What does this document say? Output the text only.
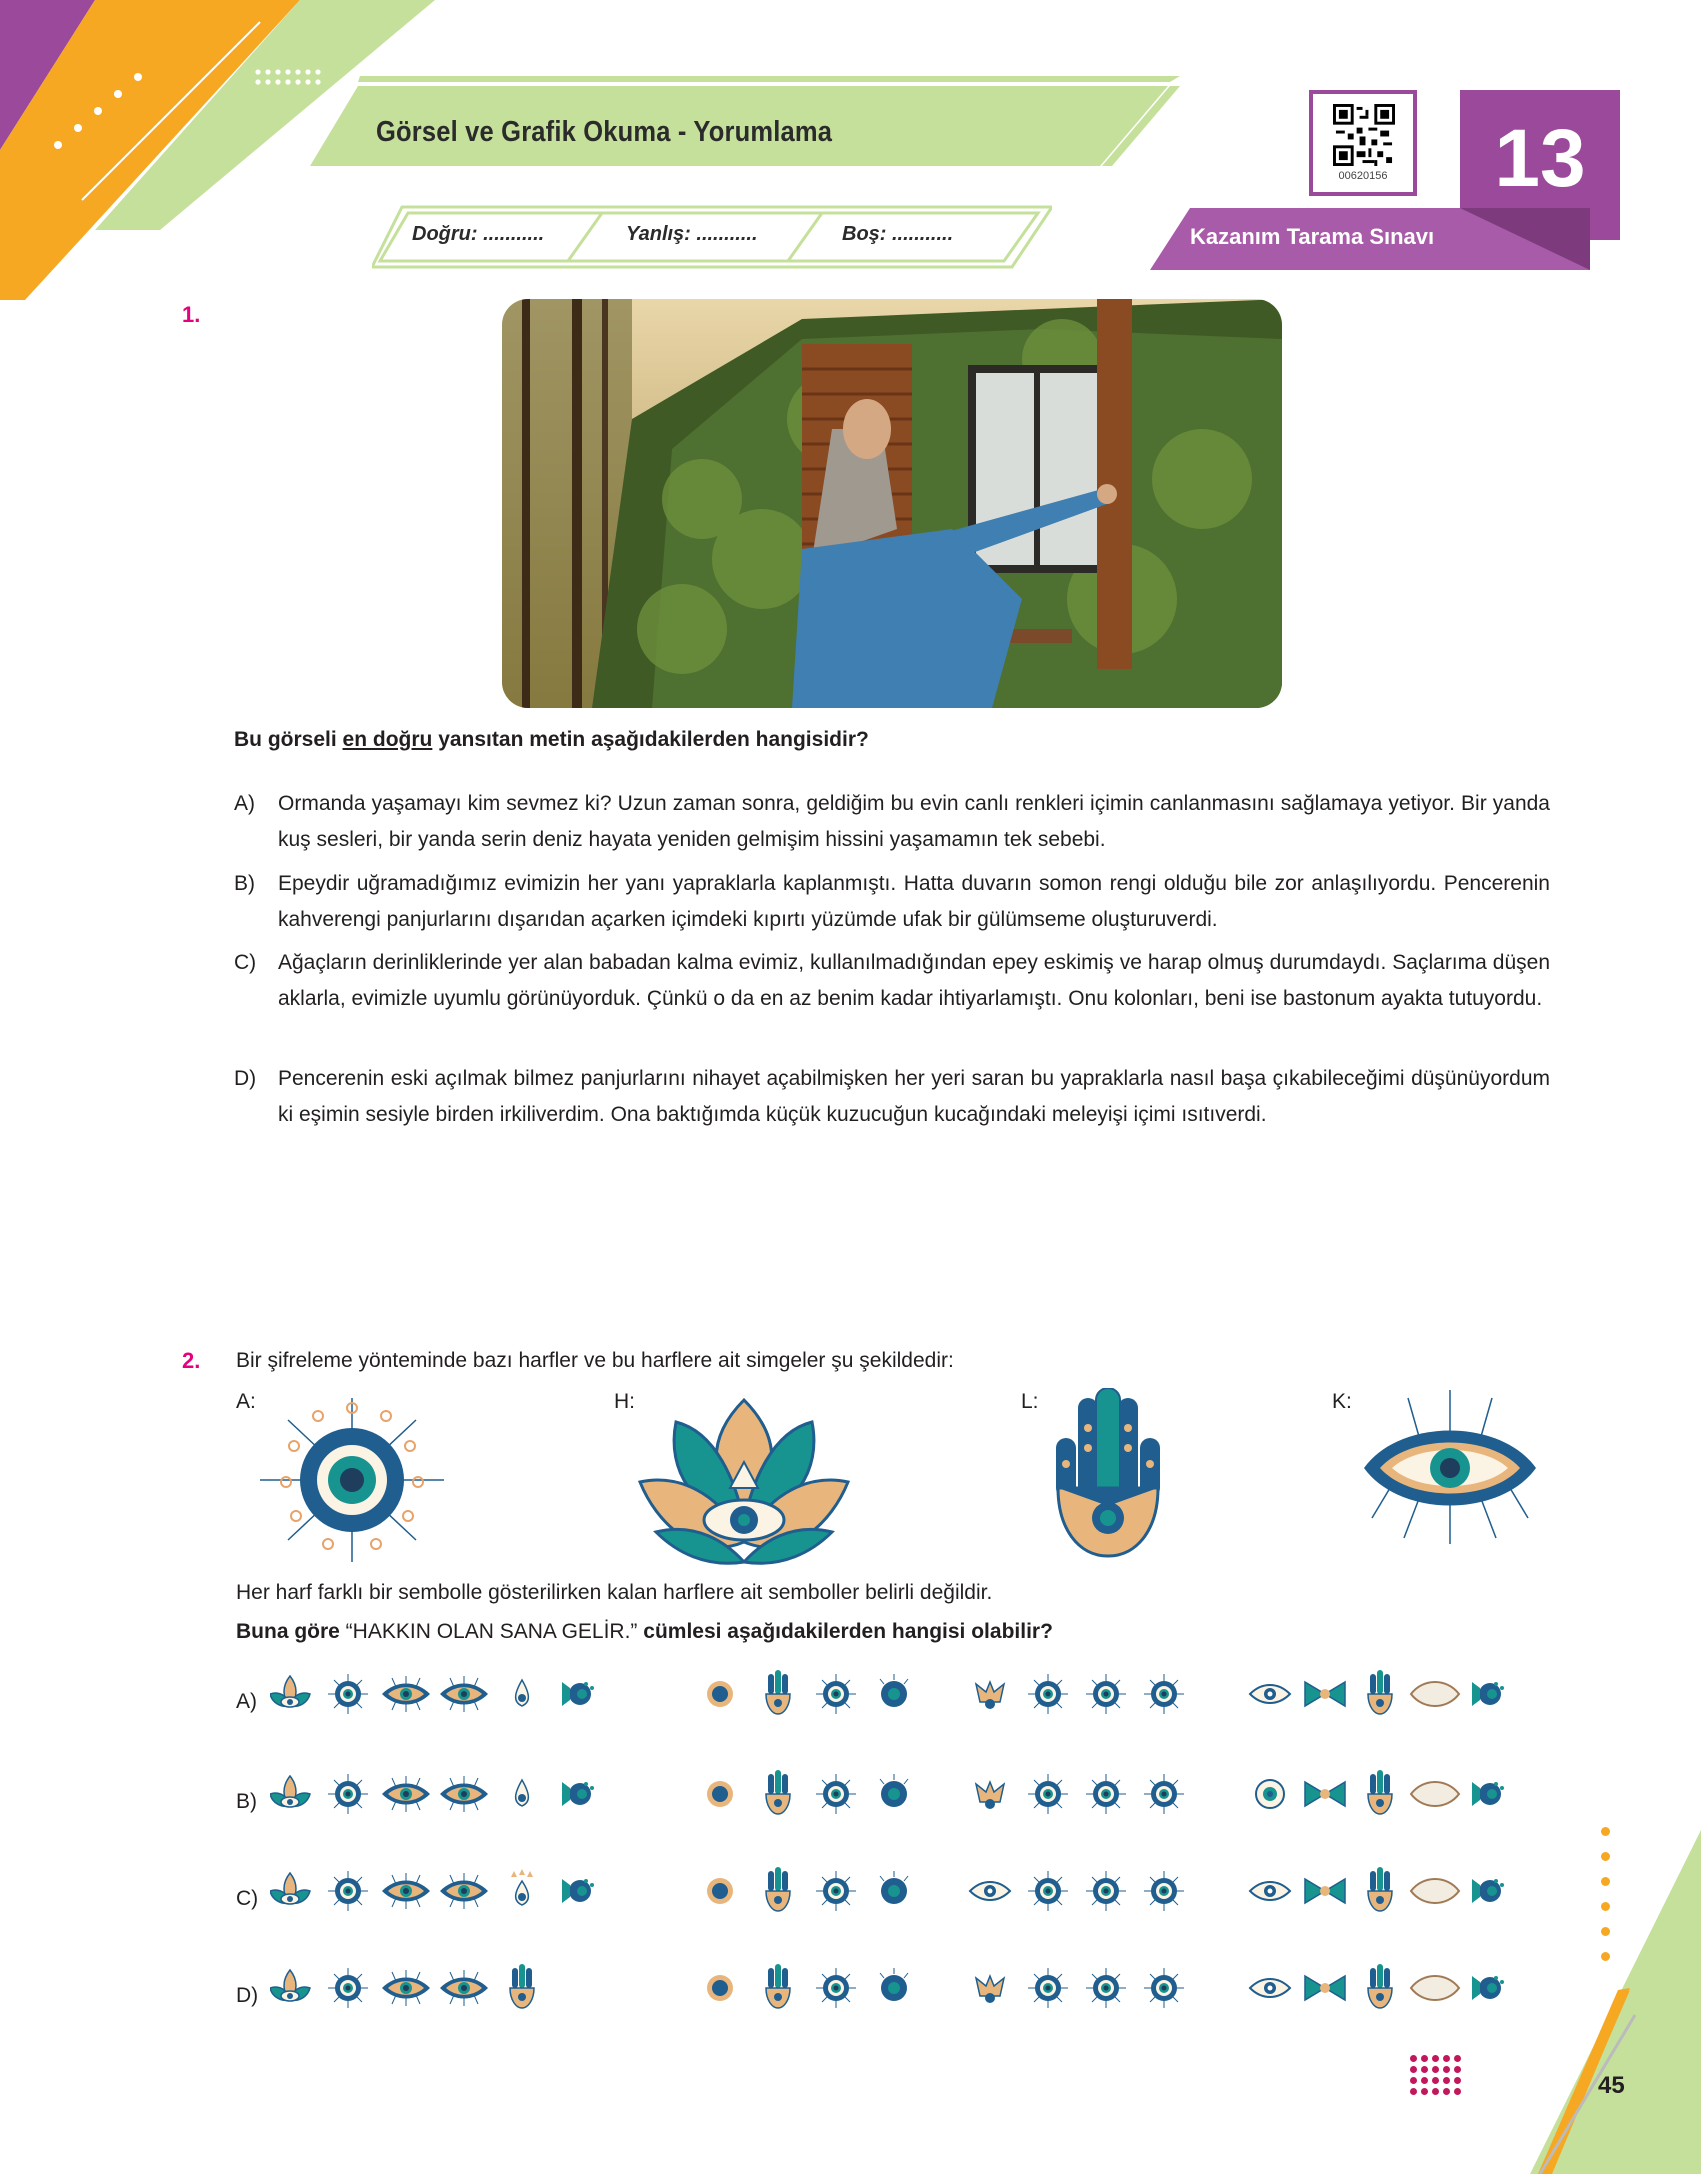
Görsel ve Grafik Okuma - Yorumlama
Doğru: ...........	Yanlış: ...........	Boş: ...........
00620156	13
Kazanım Tarama Sınavı
1.
Bu görseli en doğru yansıtan metin aşağıdakilerden hangisidir?
A) Ormanda yaşamayı kim sevmez ki? Uzun zaman sonra, geldiğim bu evin canlı renkleri içimin canlanmasını sağlamaya yetiyor. Bir yanda kuş sesleri, bir yanda serin deniz hayata yeniden gelmişim hissini yaşamamın tek sebebi.
B) Epeydir uğramadığımız evimizin her yanı yapraklarla kaplanmıştı. Hatta duvarın somon rengi olduğu bile zor anlaşılıyordu. Pencerenin kahverengi panjurlarını dışarıdan açarken içimdeki kıpırtı yüzümde ufak bir gülümseme oluşturuverdi.
C) Ağaçların derinliklerinde yer alan babadan kalma evimiz, kullanılmadığından epey eskimiş ve harap olmuş durumdaydı. Saçlarıma düşen aklarla, evimizle uyumlu görünüyorduk. Çünkü o da en az benim kadar ihtiyarlamıştı. Onu kolonları, beni ise bastonum ayakta tutuyordu.
D) Pencerenin eski açılmak bilmez panjurlarını nihayet açabilmişken her yeri saran bu yapraklarla nasıl başa çıkabileceğimi düşünüyordum ki eşimin sesiyle birden irkiliverdim. Ona baktığımda küçük kuzucuğun kucağındaki meleyişi içimi ısıtıverdi.
2. Bir şifreleme yönteminde bazı harfler ve bu harflere ait simgeler şu şekildedir:
A:	H:	L:	K:
Her harf farklı bir sembolle gösterilirken kalan harflere ait semboller belirli değildir.
Buna göre “HAKKIN OLAN SANA GELİR.” cümlesi aşağıdakilerden hangisi olabilir?
A)
B)
C)
D)
45
